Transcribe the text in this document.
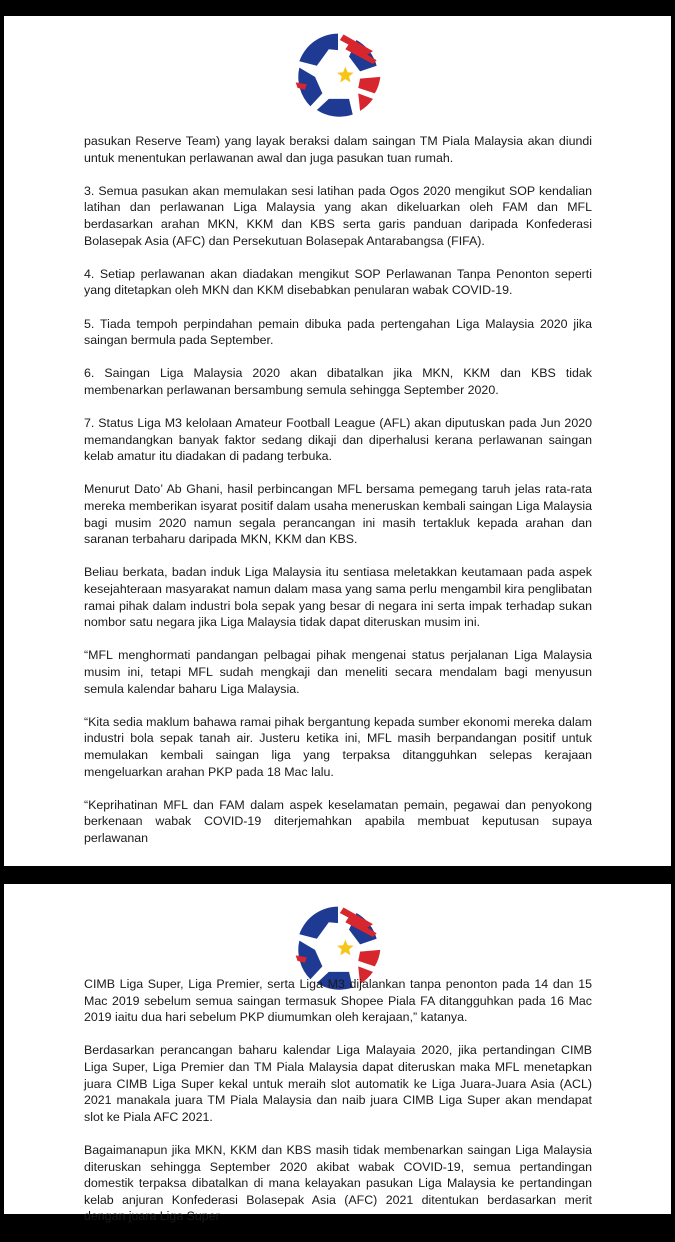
pasukan Reserve Team) yang layak beraksi dalam saingan TM Piala Malaysia akan diundi untuk menentukan perlawanan awal dan juga pasukan tuan rumah.

3. Semua pasukan akan memulakan sesi latihan pada Ogos 2020 mengikut SOP kendalian latihan dan perlawanan Liga Malaysia yang akan dikeluarkan oleh FAM dan MFL berdasarkan arahan MKN, KKM dan KBS serta garis panduan daripada Konfederasi Bolasepak Asia (AFC) dan Persekutuan Bolasepak Antarabangsa (FIFA).

4. Setiap perlawanan akan diadakan mengikut SOP Perlawanan Tanpa Penonton seperti yang ditetapkan oleh MKN dan KKM disebabkan penularan wabak COVID-19.

5. Tiada tempoh perpindahan pemain dibuka pada pertengahan Liga Malaysia 2020 jika saingan bermula pada September.

6. Saingan Liga Malaysia 2020 akan dibatalkan jika MKN, KKM dan KBS tidak membenarkan perlawanan bersambung semula sehingga September 2020.

7. Status Liga M3 kelolaan Amateur Football League (AFL) akan diputuskan pada Jun 2020 memandangkan banyak faktor sedang dikaji dan diperhalusi kerana perlawanan saingan kelab amatur itu diadakan di padang terbuka.

Menurut Dato’ Ab Ghani, hasil perbincangan MFL bersama pemegang taruh jelas rata-rata mereka memberikan isyarat positif dalam usaha meneruskan kembali saingan Liga Malaysia bagi musim 2020 namun segala perancangan ini masih tertakluk kepada arahan dan saranan terbaharu daripada MKN, KKM dan KBS.

Beliau berkata, badan induk Liga Malaysia itu sentiasa meletakkan keutamaan pada aspek kesejahteraan masyarakat namun dalam masa yang sama perlu mengambil kira penglibatan ramai pihak dalam industri bola sepak yang besar di negara ini serta impak terhadap sukan nombor satu negara jika Liga Malaysia tidak dapat diteruskan musim ini.

“MFL menghormati pandangan pelbagai pihak mengenai status perjalanan Liga Malaysia musim ini, tetapi MFL sudah mengkaji dan meneliti secara mendalam bagi menyusun semula kalendar baharu Liga Malaysia.

“Kita sedia maklum bahawa ramai pihak bergantung kepada sumber ekonomi mereka dalam industri bola sepak tanah air. Justeru ketika ini, MFL masih berpandangan positif untuk memulakan kembali saingan liga yang terpaksa ditangguhkan selepas kerajaan mengeluarkan arahan PKP pada 18 Mac lalu.

“Keprihatinan MFL dan FAM dalam aspek keselamatan pemain, pegawai dan penyokong berkenaan wabak COVID-19 diterjemahkan apabila membuat keputusan supaya perlawanan

CIMB Liga Super, Liga Premier, serta Liga M3 dijalankan tanpa penonton pada 14 dan 15 Mac 2019 sebelum semua saingan termasuk Shopee Piala FA ditangguhkan pada 16 Mac 2019 iaitu dua hari sebelum PKP diumumkan oleh kerajaan,” katanya.

Berdasarkan perancangan baharu kalendar Liga Malayaia 2020, jika pertandingan CIMB Liga Super, Liga Premier dan TM Piala Malaysia dapat diteruskan maka MFL menetapkan juara CIMB Liga Super kekal untuk meraih slot automatik ke Liga Juara-Juara Asia (ACL) 2021 manakala juara TM Piala Malaysia dan naib juara CIMB Liga Super akan mendapat slot ke Piala AFC 2021.

Bagaimanapun jika MKN, KKM dan KBS masih tidak membenarkan saingan Liga Malaysia diteruskan sehingga September 2020 akibat wabak COVID-19, semua pertandingan domestik terpaksa dibatalkan di mana kelayakan pasukan Liga Malaysia ke pertandingan kelab anjuran Konfederasi Bolasepak Asia (AFC) 2021 ditentukan berdasarkan merit dengan juara Liga Super
